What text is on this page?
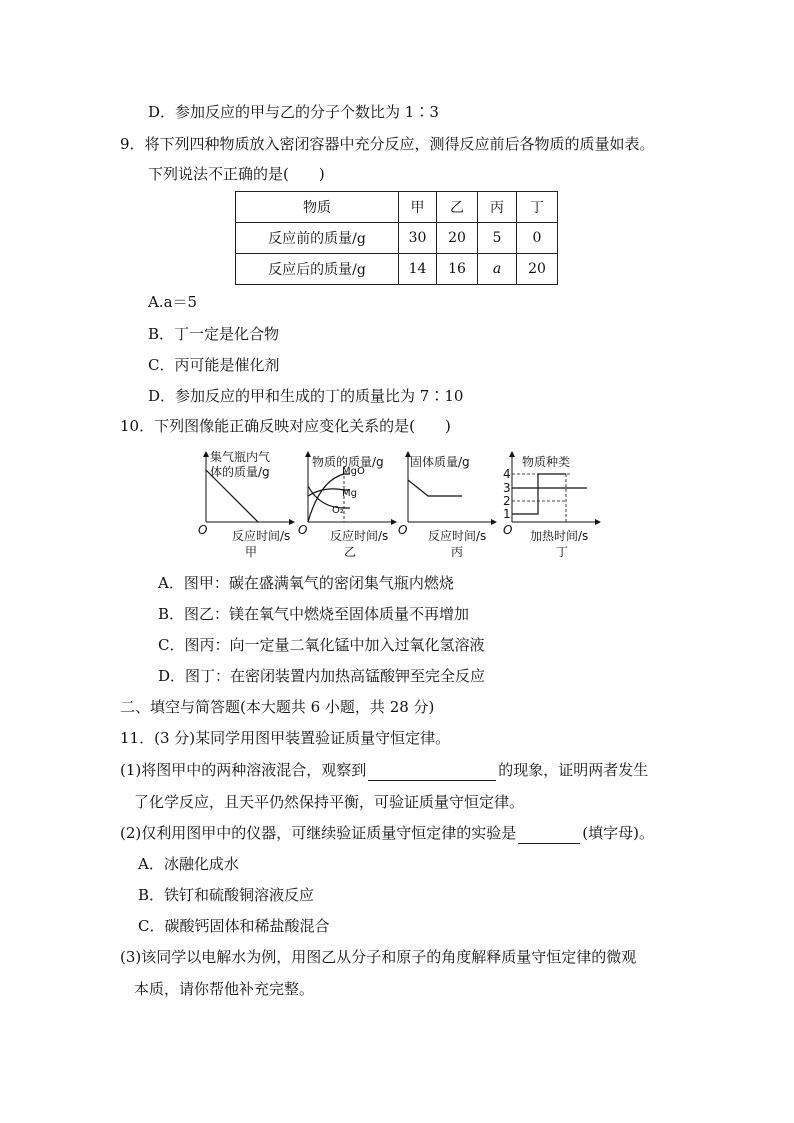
D．参加反应的甲与乙的分子个数比为 1∶3
9．将下列四种物质放入密闭容器中充分反应，测得反应前后各物质的质量如表。
下列说法不正确的是(　　)
物质	甲	乙	丙	丁
反应前的质量/g	30	20	5	0
反应后的质量/g	14	16	a	20
A.a＝5
B．丁一定是化合物
C．丙可能是催化剂
D．参加反应的甲和生成的丁的质量比为 7∶10
10．下列图像能正确反映对应变化关系的是(　　)
集气瓶内气
体的质量/g
O 反应时间/s
甲
物质的质量/g
MgO
Mg
O₂
O 反应时间/s
乙
固体质量/g
O 反应时间/s
丙
物质种类
4
3
2
1
O 加热时间/s
丁
A．图甲：碳在盛满氧气的密闭集气瓶内燃烧
B．图乙：镁在氧气中燃烧至固体质量不再增加
C．图丙：向一定量二氧化锰中加入过氧化氢溶液
D．图丁：在密闭装置内加热高锰酸钾至完全反应
二、填空与简答题(本大题共 6 小题，共 28 分)
11．(3 分)某同学用图甲装置验证质量守恒定律。
(1)将图甲中的两种溶液混合，观察到	的现象，证明两者发生
了化学反应，且天平仍然保持平衡，可验证质量守恒定律。
(2)仅利用图甲中的仪器，可继续验证质量守恒定律的实验是	(填字母)。
A．冰融化成水
B．铁钉和硫酸铜溶液反应
C．碳酸钙固体和稀盐酸混合
(3)该同学以电解水为例，用图乙从分子和原子的角度解释质量守恒定律的微观
本质，请你帮他补充完整。
